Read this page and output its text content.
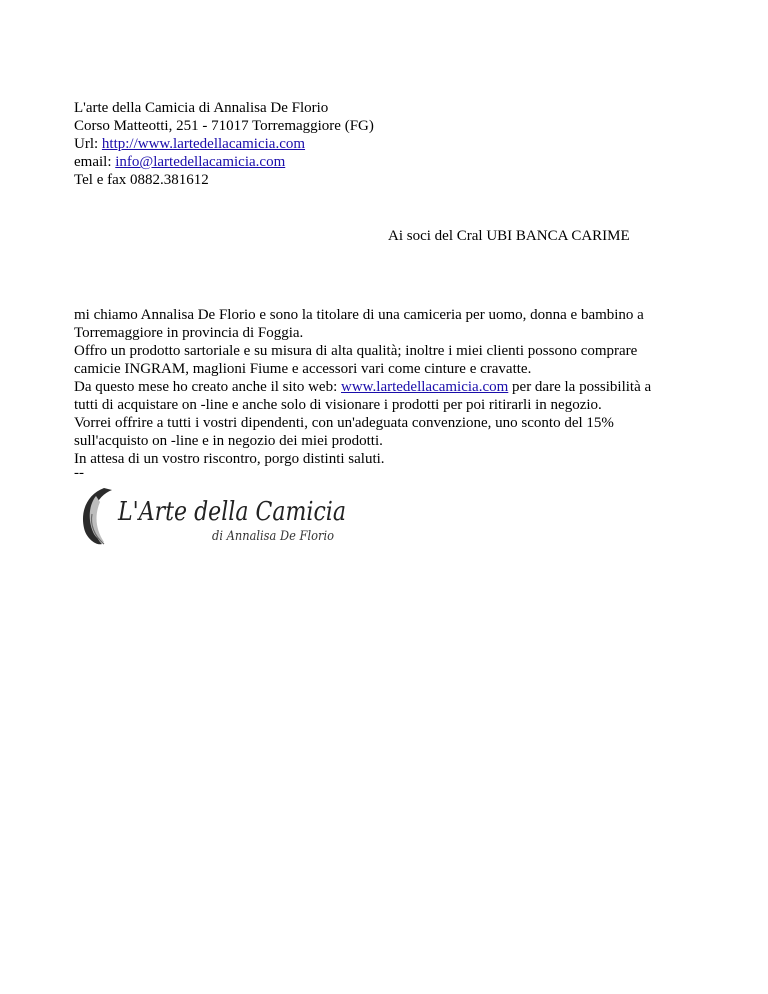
L'arte della Camicia di Annalisa De Florio
Corso Matteotti, 251 - 71017 Torremaggiore (FG)
Url: http://www.lartedellacamicia.com
email: info@lartedellacamicia.com
Tel e fax 0882.381612
Ai soci del Cral UBI BANCA CARIME

mi chiamo Annalisa De Florio e sono la titolare di una camiceria per uomo, donna e bambino a

Torremaggiore in provincia di Foggia.

Offro un prodotto sartoriale e su misura di alta qualità; inoltre i miei clienti possono comprare

camicie INGRAM, maglioni Fiume e accessori vari come cinture e cravatte.

Da questo mese ho creato anche il sito web: www.lartedellacamicia.com per dare la possibilità a

tutti di acquistare on -line e anche solo di visionare i prodotti per poi ritirarli in negozio.

Vorrei offrire a tutti i vostri dipendenti, con un'adeguata convenzione, uno sconto del 15%

sull'acquisto on -line e in negozio dei miei prodotti.

In attesa di un vostro riscontro, porgo distinti saluti.

--
L'Arte della Camicia
di Annalisa De Florio
